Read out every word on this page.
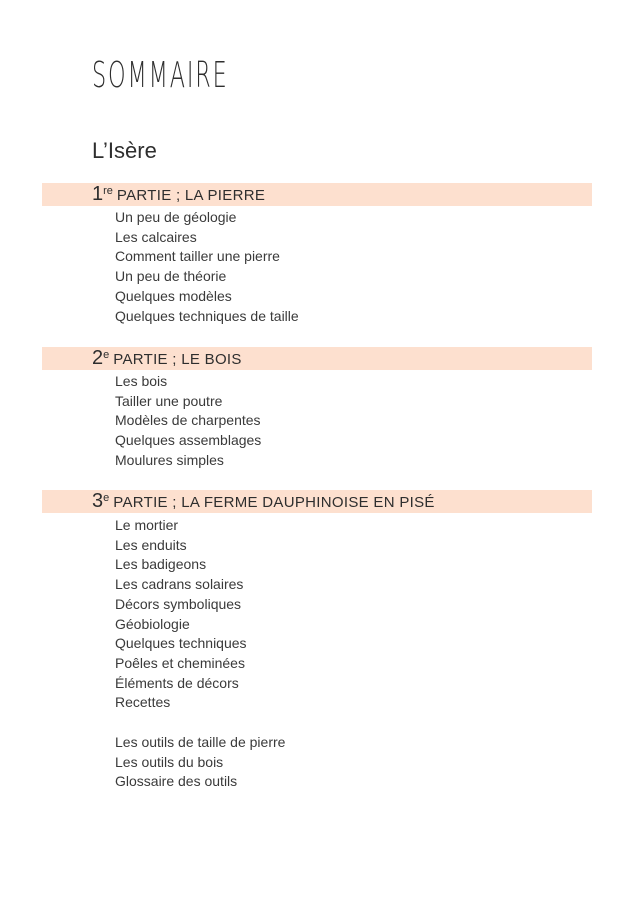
SOMMAIRE
L’Isère
1re PARTIE ; LA PIERRE
Un peu de géologie
Les calcaires
Comment tailler une pierre
Un peu de théorie
Quelques modèles
Quelques techniques de taille
2e PARTIE ; LE BOIS
Les bois
Tailler une poutre
Modèles de charpentes
Quelques assemblages
Moulures simples
3e PARTIE ; LA FERME DAUPHINOISE EN PISÉ
Le mortier
Les enduits
Les badigeons
Les cadrans solaires
Décors symboliques
Géobiologie
Quelques techniques
Poêles et cheminées
Éléments de décors
Recettes
Les outils de taille de pierre
Les outils du bois
Glossaire des outils
